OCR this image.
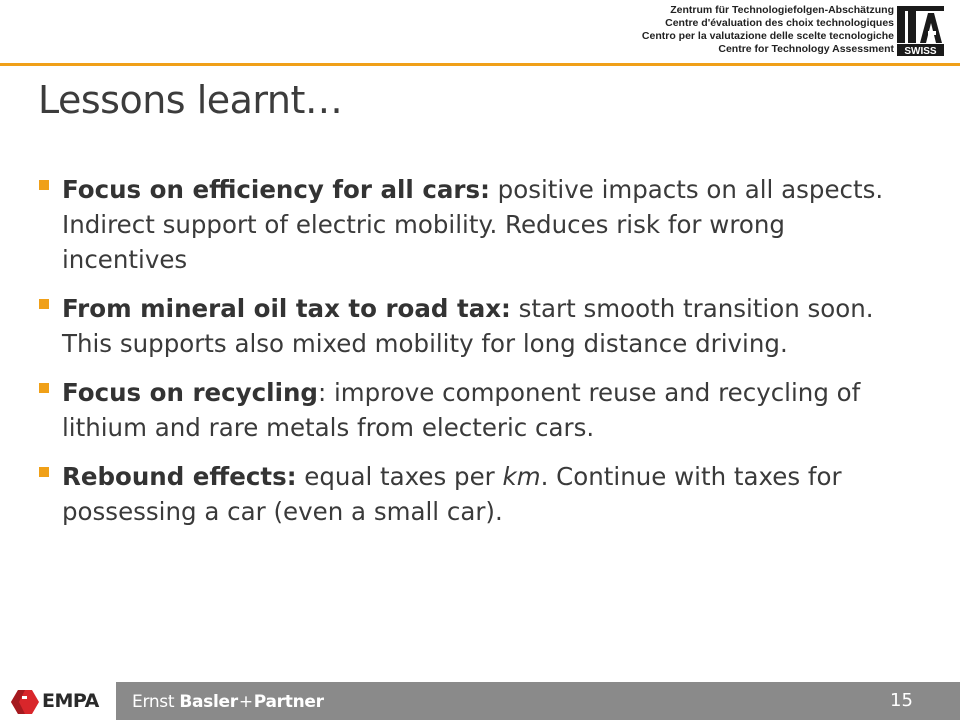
Zentrum für Technologiefolgen-Abschätzung
Centre d'évaluation des choix technologiques
Centro per la valutazione delle scelte tecnologiche
Centre for Technology Assessment SWISS
Lessons learnt…
Focus on efficiency for all cars: positive impacts on all aspects. Indirect support of electric mobility. Reduces risk for wrong incentives
From mineral oil tax to road tax: start smooth transition soon. This supports also mixed mobility for long distance driving.
Focus on recycling: improve component reuse and recycling of lithium and rare metals from electeric cars.
Rebound effects: equal taxes per km. Continue with taxes for possessing a car (even a small car).
EMPA Ernst Basler+Partner	15
